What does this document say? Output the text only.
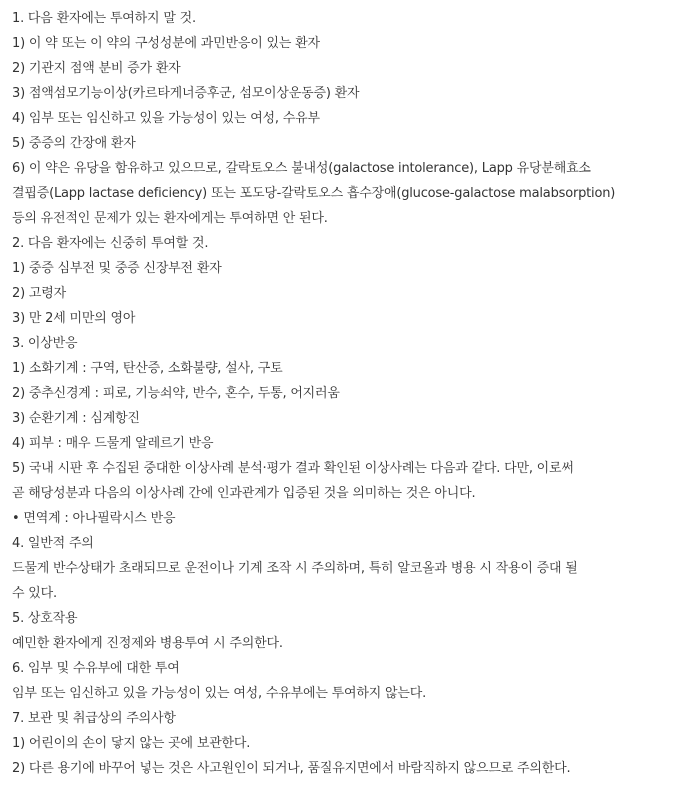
1. 다음 환자에는 투여하지 말 것.
1) 이 약 또는 이 약의 구성성분에 과민반응이 있는 환자
2) 기관지 점액 분비 증가 환자
3) 점액섬모기능이상(카르타게너증후군, 섬모이상운동증) 환자
4) 임부 또는 임신하고 있을 가능성이 있는 여성, 수유부
5) 중증의 간장애 환자
6) 이 약은 유당을 함유하고 있으므로, 갈락토오스 불내성(galactose intolerance), Lapp 유당분해효소
결핍증(Lapp lactase deficiency) 또는 포도당-갈락토오스 흡수장애(glucose-galactose malabsorption)
등의 유전적인 문제가 있는 환자에게는 투여하면 안 된다.
2. 다음 환자에는 신중히 투여할 것.
1) 중증 심부전 및 중증 신장부전 환자
2) 고령자
3) 만 2세 미만의 영아
3. 이상반응
1) 소화기계 : 구역, 탄산증, 소화불량, 설사, 구토
2) 중추신경계 : 피로, 기능쇠약, 반수, 혼수, 두통, 어지러움
3) 순환기계 : 심계항진
4) 피부 : 매우 드물게 알레르기 반응
5) 국내 시판 후 수집된 중대한 이상사례 분석·평가 결과 확인된 이상사례는 다음과 같다. 다만, 이로써
곧 해당성분과 다음의 이상사례 간에 인과관계가 입증된 것을 의미하는 것은 아니다.
• 면역계 : 아나필락시스 반응
4. 일반적 주의
드물게 반수상태가 초래되므로 운전이나 기계 조작 시 주의하며, 특히 알코올과 병용 시 작용이 증대 될
수 있다.
5. 상호작용
예민한 환자에게 진정제와 병용투여 시 주의한다.
6. 임부 및 수유부에 대한 투여
임부 또는 임신하고 있을 가능성이 있는 여성, 수유부에는 투여하지 않는다.
7. 보관 및 취급상의 주의사항
1) 어린이의 손이 닿지 않는 곳에 보관한다.
2) 다른 용기에 바꾸어 넣는 것은 사고원인이 되거나, 품질유지면에서 바람직하지 않으므로 주의한다.
